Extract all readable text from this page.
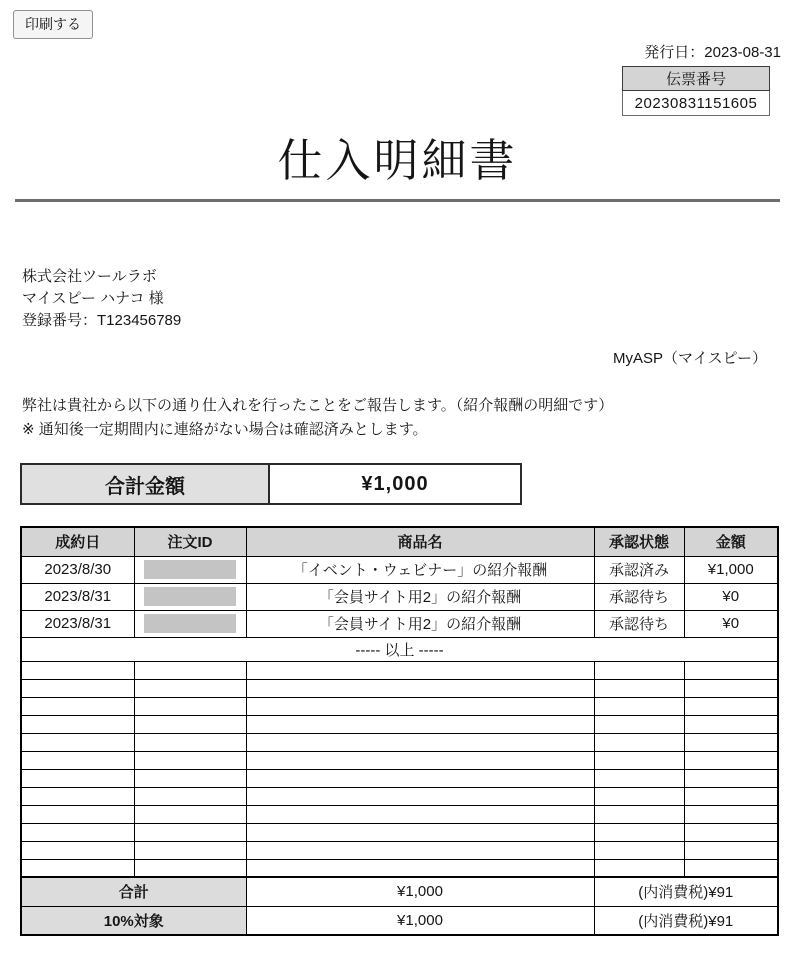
印刷する
発行日：2023-08-31
伝票番号
20230831151605
仕入明細書
株式会社ツールラボ
マイスピー ハナコ 様
登録番号：T123456789
MyASP（マイスピー）
弊社は貴社から以下の通り仕入れを行ったことをご報告します。（紹介報酬の明細です）
※ 通知後一定期間内に連絡がない場合は確認済みとします。
合計金額	¥1,000
成約日	注文ID	商品名	承認状態	金額
2023/8/30		「イベント・ウェビナー」の紹介報酬	承認済み	¥1,000
2023/8/31		「会員サイト用2」の紹介報酬	承認待ち	¥0
2023/8/31		「会員サイト用2」の紹介報酬	承認待ち	¥0
----- 以上 -----				

合計		¥1,000	(内消費税)¥91	
10%対象		¥1,000	(内消費税)¥91	
